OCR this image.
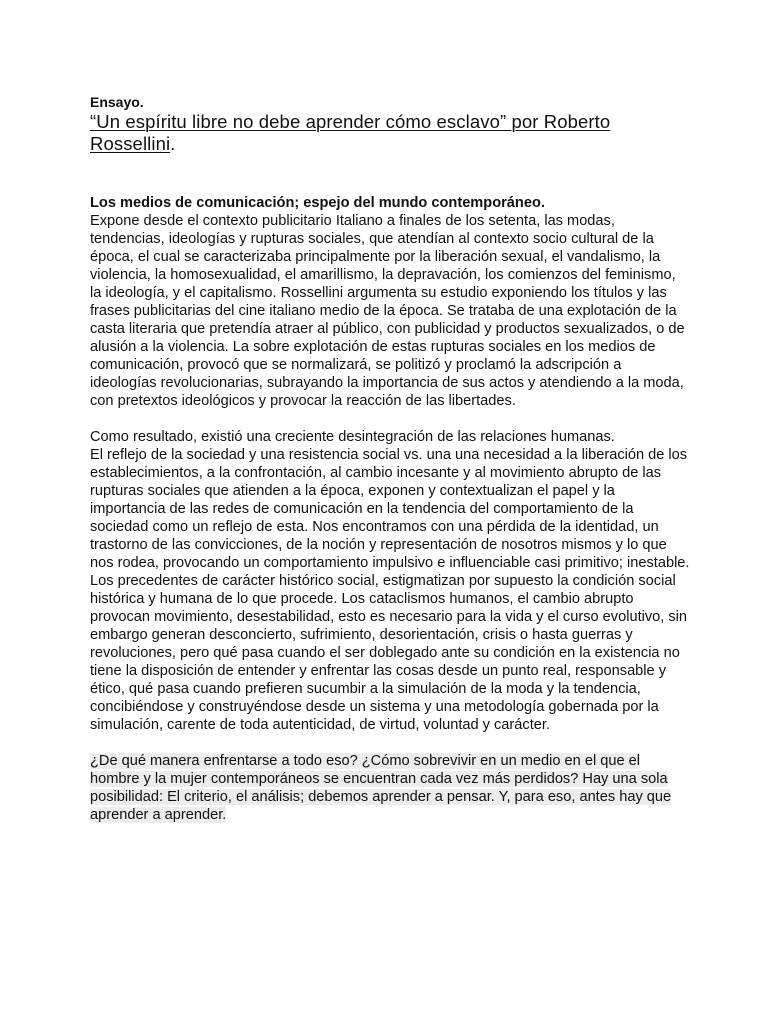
Ensayo.

“Un espíritu libre no debe aprender cómo esclavo” por Roberto Rossellini.

Los medios de comunicación; espejo del mundo contemporáneo.

Expone desde el contexto publicitario Italiano a finales de los setenta, las modas, tendencias, ideologías y rupturas sociales, que atendían al contexto socio cultural de la época, el cual se caracterizaba principalmente por la liberación sexual, el vandalismo, la violencia, la homosexualidad, el amarillismo, la depravación, los comienzos del feminismo, la ideología, y el capitalismo. Rossellini argumenta su estudio exponiendo los títulos y las frases publicitarias del cine italiano medio de la época. Se trataba de una explotación de la casta literaria que pretendía atraer al público, con publicidad y productos sexualizados, o de alusión a la violencia. La sobre explotación de estas rupturas sociales en los medios de comunicación, provocó que se normalizará, se politizó y proclamó la adscripción a ideologías revolucionarias, subrayando la importancia de sus actos y atendiendo a la moda, con pretextos ideológicos y provocar la reacción de las libertades.

Como resultado, existió una creciente desintegración de las relaciones humanas.

El reflejo de la sociedad y una resistencia social vs. una una necesidad a la liberación de los establecimientos, a la confrontación, al cambio incesante y al movimiento abrupto de las rupturas sociales que atienden a la época, exponen y contextualizan el papel y la importancia de las redes de comunicación en la tendencia del comportamiento de la sociedad como un reflejo de esta. Nos encontramos con una pérdida de la identidad, un trastorno de las convicciones, de la noción y representación de nosotros mismos y lo que nos rodea, provocando un comportamiento impulsivo e influenciable casi primitivo; inestable.

Los precedentes de carácter histórico social, estigmatizan por supuesto la condición social histórica y humana de lo que procede. Los cataclismos humanos, el cambio abrupto provocan movimiento, desestabilidad, esto es necesario para la vida y el curso evolutivo, sin embargo generan desconcierto, sufrimiento, desorientación, crisis o hasta guerras y revoluciones, pero qué pasa cuando el ser doblegado ante su condición en la existencia no tiene la disposición de entender y enfrentar las cosas desde un punto real, responsable y ético, qué pasa cuando prefieren sucumbir a la simulación de la moda y la tendencia, concibiéndose y construyéndose desde un sistema y una metodología gobernada por la simulación, carente de toda autenticidad, de virtud, voluntad y carácter.

¿De qué manera enfrentarse a todo eso? ¿Cómo sobrevivir en un medio en el que el hombre y la mujer contemporáneos se encuentran cada vez más perdidos? Hay una sola posibilidad: El criterio, el análisis; debemos aprender a pensar. Y, para eso, antes hay que aprender a aprender.
